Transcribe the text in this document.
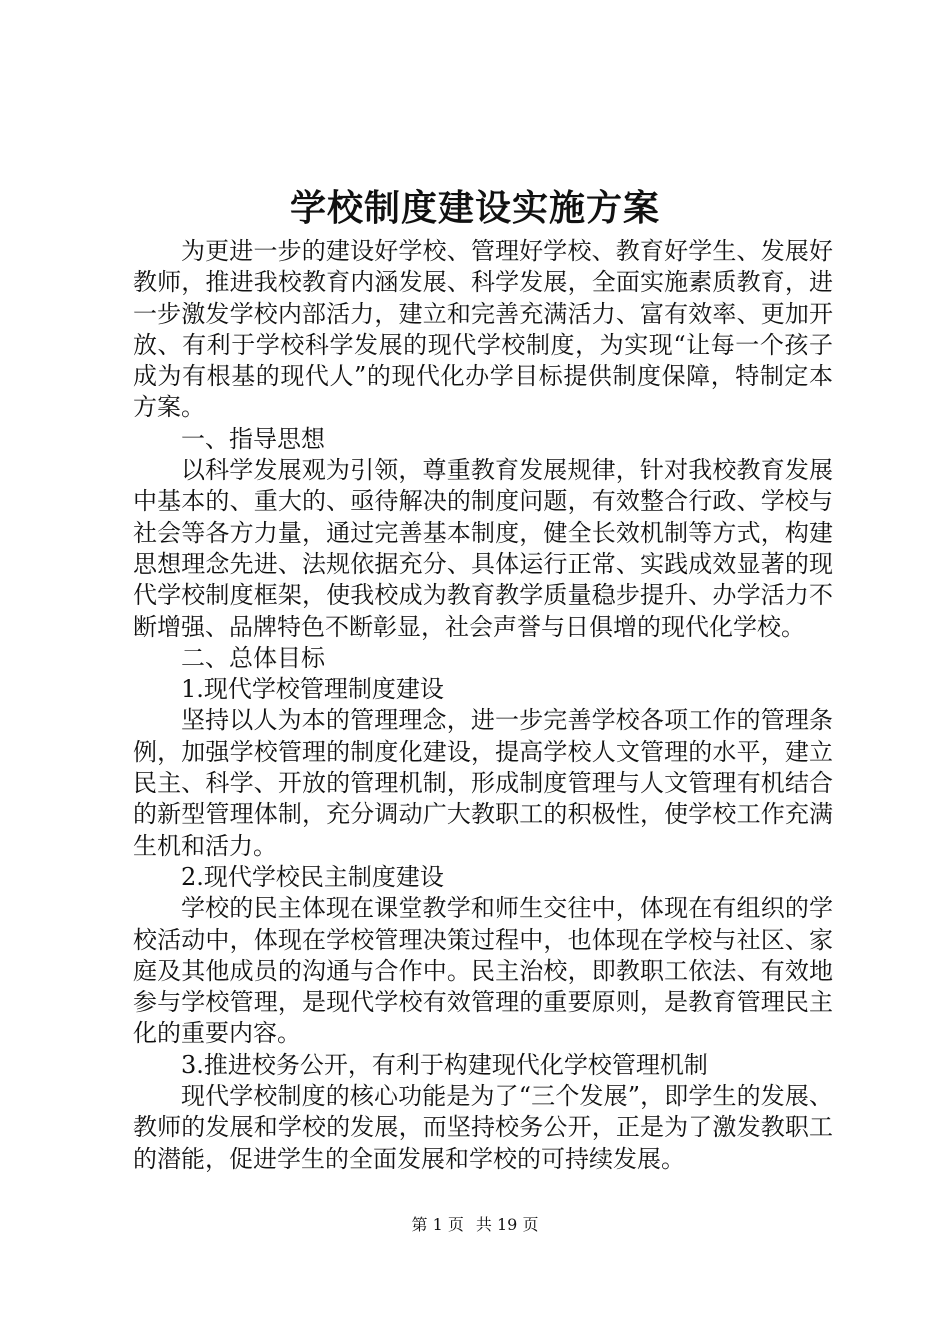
学校制度建设实施方案

为更进一步的建设好学校、管理好学校、教育好学生、发展好教师，推进我校教育内涵发展、科学发展，全面实施素质教育，进一步激发学校内部活力，建立和完善充满活力、富有效率、更加开放、有利于学校科学发展的现代学校制度，为实现“让每一个孩子成为有根基的现代人”的现代化办学目标提供制度保障，特制定本方案。

一、指导思想

以科学发展观为引领，尊重教育发展规律，针对我校教育发展中基本的、重大的、亟待解决的制度问题，有效整合行政、学校与社会等各方力量，通过完善基本制度，健全长效机制等方式，构建思想理念先进、法规依据充分、具体运行正常、实践成效显著的现代学校制度框架，使我校成为教育教学质量稳步提升、办学活力不断增强、品牌特色不断彰显，社会声誉与日俱增的现代化学校。

二、总体目标

1.现代学校管理制度建设

坚持以人为本的管理理念，进一步完善学校各项工作的管理条例，加强学校管理的制度化建设，提高学校人文管理的水平，建立民主、科学、开放的管理机制，形成制度管理与人文管理有机结合的新型管理体制，充分调动广大教职工的积极性，使学校工作充满生机和活力。

2.现代学校民主制度建设

学校的民主体现在课堂教学和师生交往中，体现在有组织的学校活动中，体现在学校管理决策过程中，也体现在学校与社区、家庭及其他成员的沟通与合作中。民主治校，即教职工依法、有效地参与学校管理，是现代学校有效管理的重要原则，是教育管理民主化的重要内容。

3.推进校务公开，有利于构建现代化学校管理机制

现代学校制度的核心功能是为了“三个发展”，即学生的发展、教师的发展和学校的发展，而坚持校务公开，正是为了激发教职工的潜能，促进学生的全面发展和学校的可持续发展。

第 1 页 共 19 页
